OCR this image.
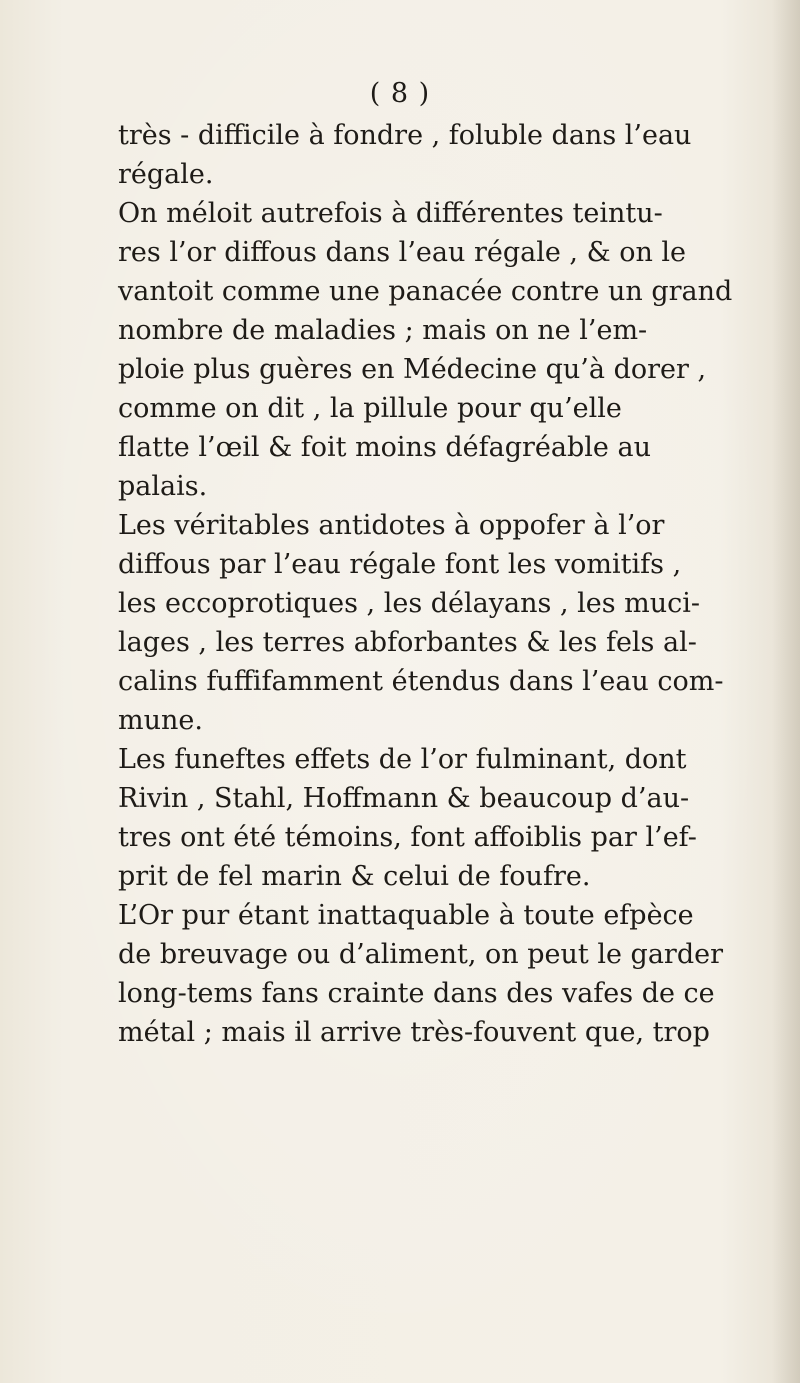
( 8 )
très - difficile à fondre , foluble dans l’eau
régale.
On méloit autrefois à différentes teintu-
res l’or diffous dans l’eau régale , & on le
vantoit comme une panacée contre un grand
nombre de maladies ; mais on ne l’em-
ploie plus guères en Médecine qu’à dorer ,
comme on dit , la pillule pour qu’elle
flatte l’œil & foit moins défagréable au
palais.
Les véritables antidotes à oppofer à l’or
diffous par l’eau régale font les vomitifs ,
les eccoprotiques , les délayans , les muci-
lages , les terres abforbantes & les fels al-
calins fuffifamment étendus dans l’eau com-
mune.
Les funeftes effets de l’or fulminant, dont
Rivin , Stahl, Hoffmann & beaucoup d’au-
tres ont été témoins, font affoiblis par l’ef-
prit de fel marin & celui de foufre.
L’Or pur étant inattaquable à toute efpèce
de breuvage ou d’aliment, on peut le garder
long-tems fans crainte dans des vafes de ce
métal ; mais il arrive très-fouvent que, trop
